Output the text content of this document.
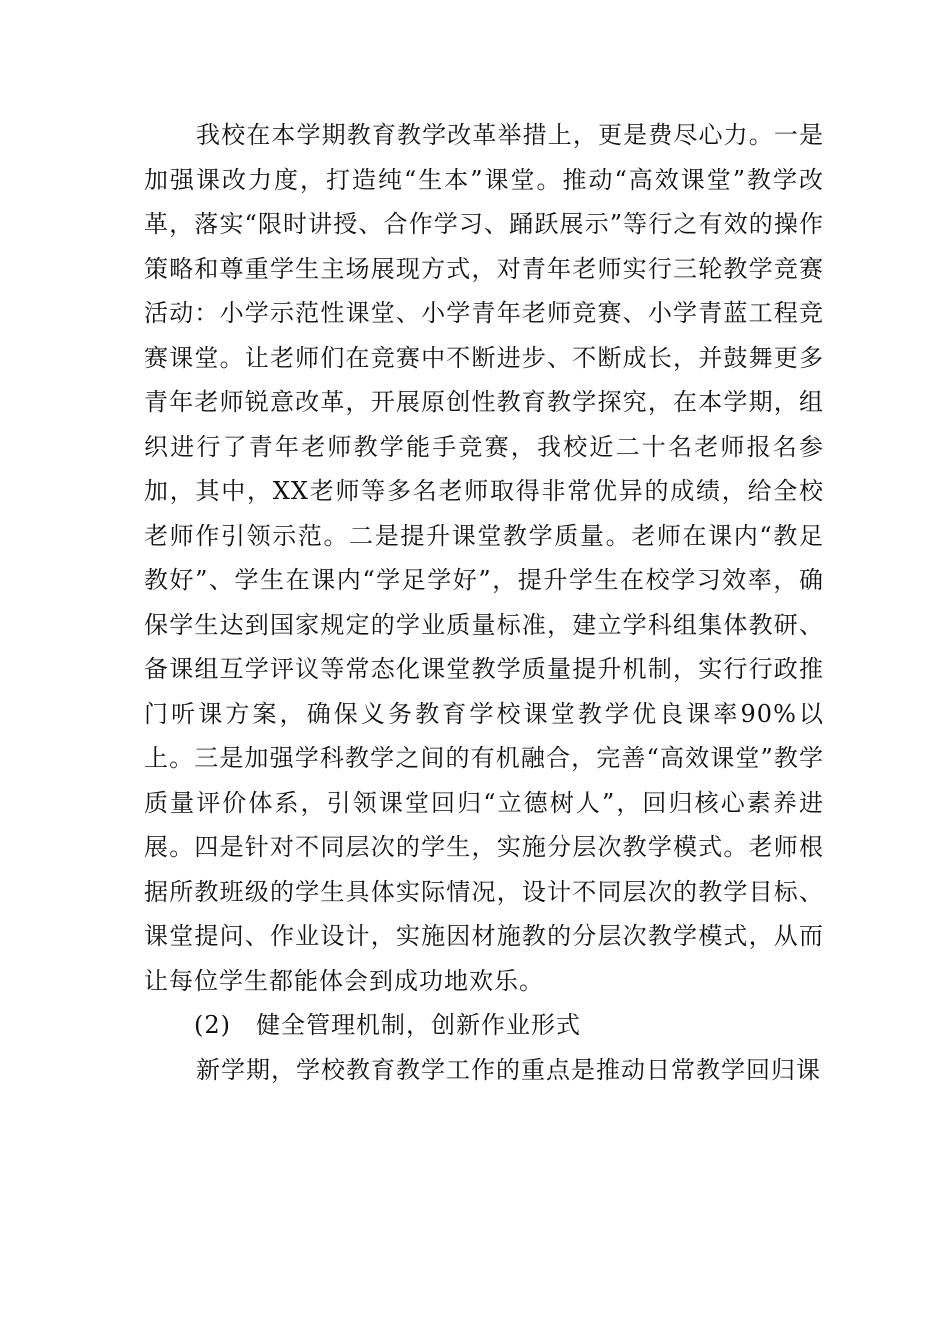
我校在本学期教育教学改革举措上，更是费尽心力。一是加强课改力度，打造纯“生本”课堂。推动“高效课堂”教学改革，落实“限时讲授、合作学习、踊跃展示”等行之有效的操作策略和尊重学生主场展现方式，对青年老师实行三轮教学竞赛活动：小学示范性课堂、小学青年老师竞赛、小学青蓝工程竞赛课堂。让老师们在竞赛中不断进步、不断成长，并鼓舞更多青年老师锐意改革，开展原创性教育教学探究，在本学期，组织进行了青年老师教学能手竞赛，我校近二十名老师报名参加，其中，XX老师等多名老师取得非常优异的成绩，给全校老师作引领示范。二是提升课堂教学质量。老师在课内“教足教好”、学生在课内“学足学好”，提升学生在校学习效率，确保学生达到国家规定的学业质量标准，建立学科组集体教研、备课组互学评议等常态化课堂教学质量提升机制，实行行政推门听课方案，确保义务教育学校课堂教学优良课率90%以上。三是加强学科教学之间的有机融合，完善“高效课堂”教学质量评价体系，引领课堂回归“立德树人”，回归核心素养进展。四是针对不同层次的学生，实施分层次教学模式。老师根据所教班级的学生具体实际情况，设计不同层次的教学目标、课堂提问、作业设计，实施因材施教的分层次教学模式，从而让每位学生都能体会到成功地欢乐。

(2) 健全管理机制，创新作业形式

新学期，学校教育教学工作的重点是推动日常教学回归课
